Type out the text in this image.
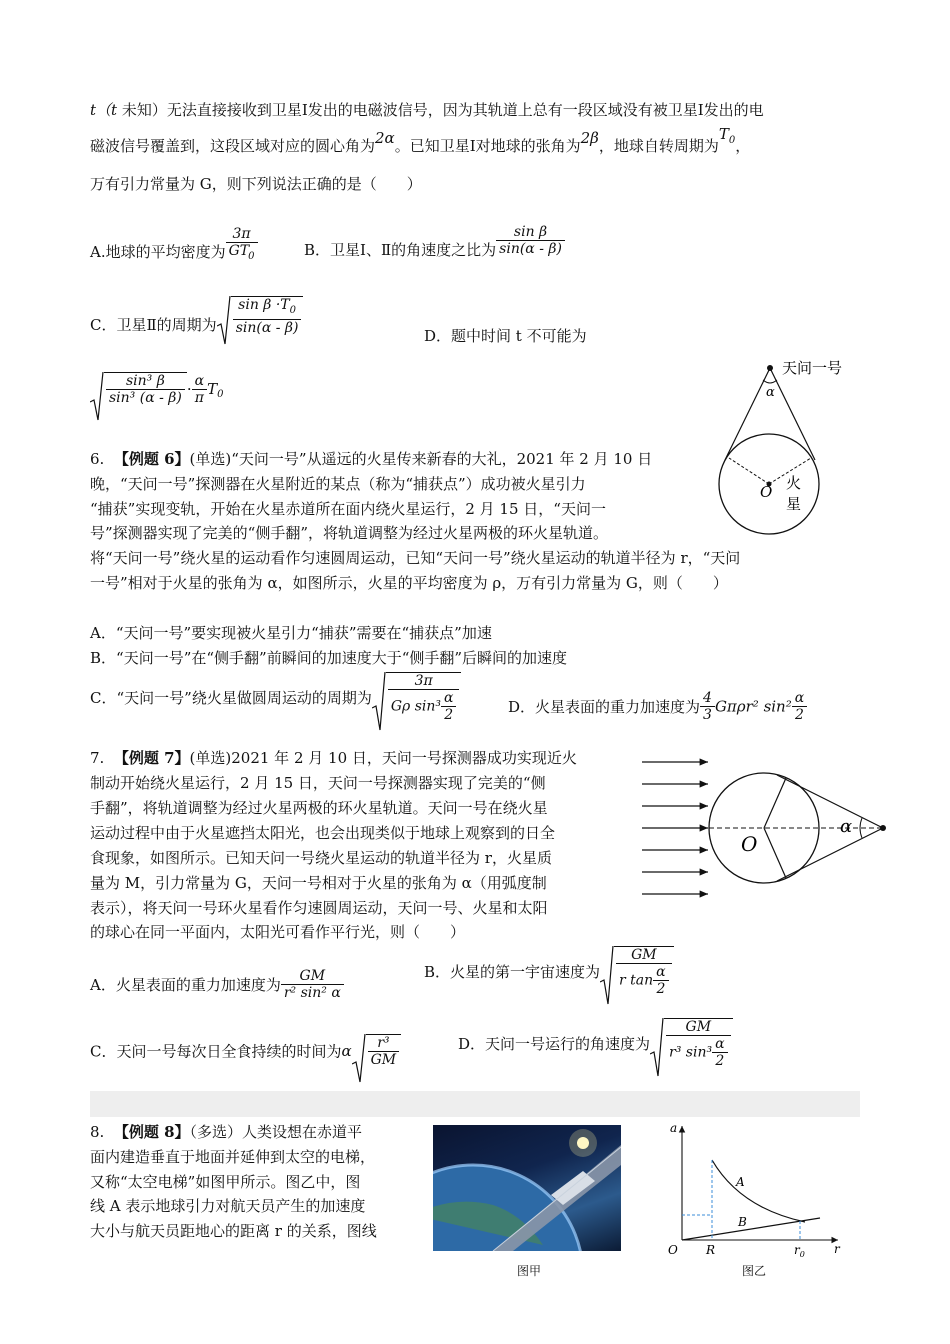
t（t 未知）无法直接接收到卫星Ⅰ发出的电磁波信号，因为其轨道上总有一段区域没有被卫星Ⅰ发出的电
磁波信号覆盖到，这段区域对应的圆心角为2α。已知卫星Ⅰ对地球的张角为2β，地球自转周期为$T_0$，
万有引力常量为 G，则下列说法正确的是（　　）
A.地球的平均密度为 $\frac{3\pi}{GT_0}$	B．卫星Ⅰ、Ⅱ的角速度之比为 $\frac{\text{sin β}}{\sin(\alpha - \beta)}$
C．卫星Ⅱ的周期为 $\frac{\sin \beta \cdot T_0}{\sin(\alpha - \beta)}$
D．题中时间 t 不可能为
$\frac{\text{sin³ β}}{\text{sin³ (α - β)}} \cdot \frac{\alpha}{\pi} T_0$
天问一号
α
O 火
星
6. 【例题 6】(单选)“天问一号”从遥远的火星传来新春的大礼，2021 年 2 月 10 日
晚，“天问一号”探测器在火星附近的某点（称为“捕获点”）成功被火星引力
“捕获”实现变轨，开始在火星赤道所在面内绕火星运行，2 月 15 日，“天问一
号”探测器实现了完美的“侧手翻”，将轨道调整为经过火星两极的环火星轨道。
将“天问一号”绕火星的运动看作匀速圆周运动，已知“天问一号”绕火星运动的轨道半径为 r，“天问
一号”相对于火星的张角为 α，如图所示，火星的平均密度为 ρ，万有引力常量为 G，则（　　）
A．“天问一号”要实现被火星引力“捕获”需要在“捕获点”加速
B．“天问一号”在“侧手翻”前瞬间的加速度大于“侧手翻”后瞬间的加速度
C．“天问一号”绕火星做圆周运动的周期为 $\frac{3\pi}{G\rho \sin^3 \frac{\alpha}{2}}$	D．火星表面的重力加速度为 $\frac{4}{3} G\pi\rho r^2$ $\sin^2 \frac{\alpha}{2}$
7. 【例题 7】(单选)2021 年 2 月 10 日，天问一号探测器成功实现近火
制动开始绕火星运行，2 月 15 日，天问一号探测器实现了完美的“侧
手翻”，将轨道调整为经过火星两极的环火星轨道。天问一号在绕火星
运动过程中由于火星遮挡太阳光，也会出现类似于地球上观察到的日全
食现象，如图所示。已知天问一号绕火星运动的轨道半径为 r，火星质
量为 M，引力常量为 G，天问一号相对于火星的张角为 α（用弧度制
表示），将天问一号环火星看作匀速圆周运动，天问一号、火星和太阳
的球心在同一平面内，太阳光可看作平行光，则（　　）
O
α
A．火星表面的重力加速度为 $\frac{GM}{\text{r² sin² α}}$	B．火星的第一宇宙速度为 $\frac{GM}{r \tan \frac{\alpha}{2}}$
C．天问一号每次日全食持续的时间为α $\frac{\text{r³}}{GM}$	D．天问一号运行的角速度为 $\frac{GM}{r^3 \sin^3 \frac{\alpha}{2}}$
8. 【例题 8】（多选）人类设想在赤道平
面内建造垂直于地面并延伸到太空的电梯，
又称“太空电梯”如图甲所示。图乙中，图
线 A 表示地球引力对航天员产生的加速度
大小与航天员距地心的距离 r 的关系，图线
图甲
a
r
O R	$r_0$
A
B
图乙
